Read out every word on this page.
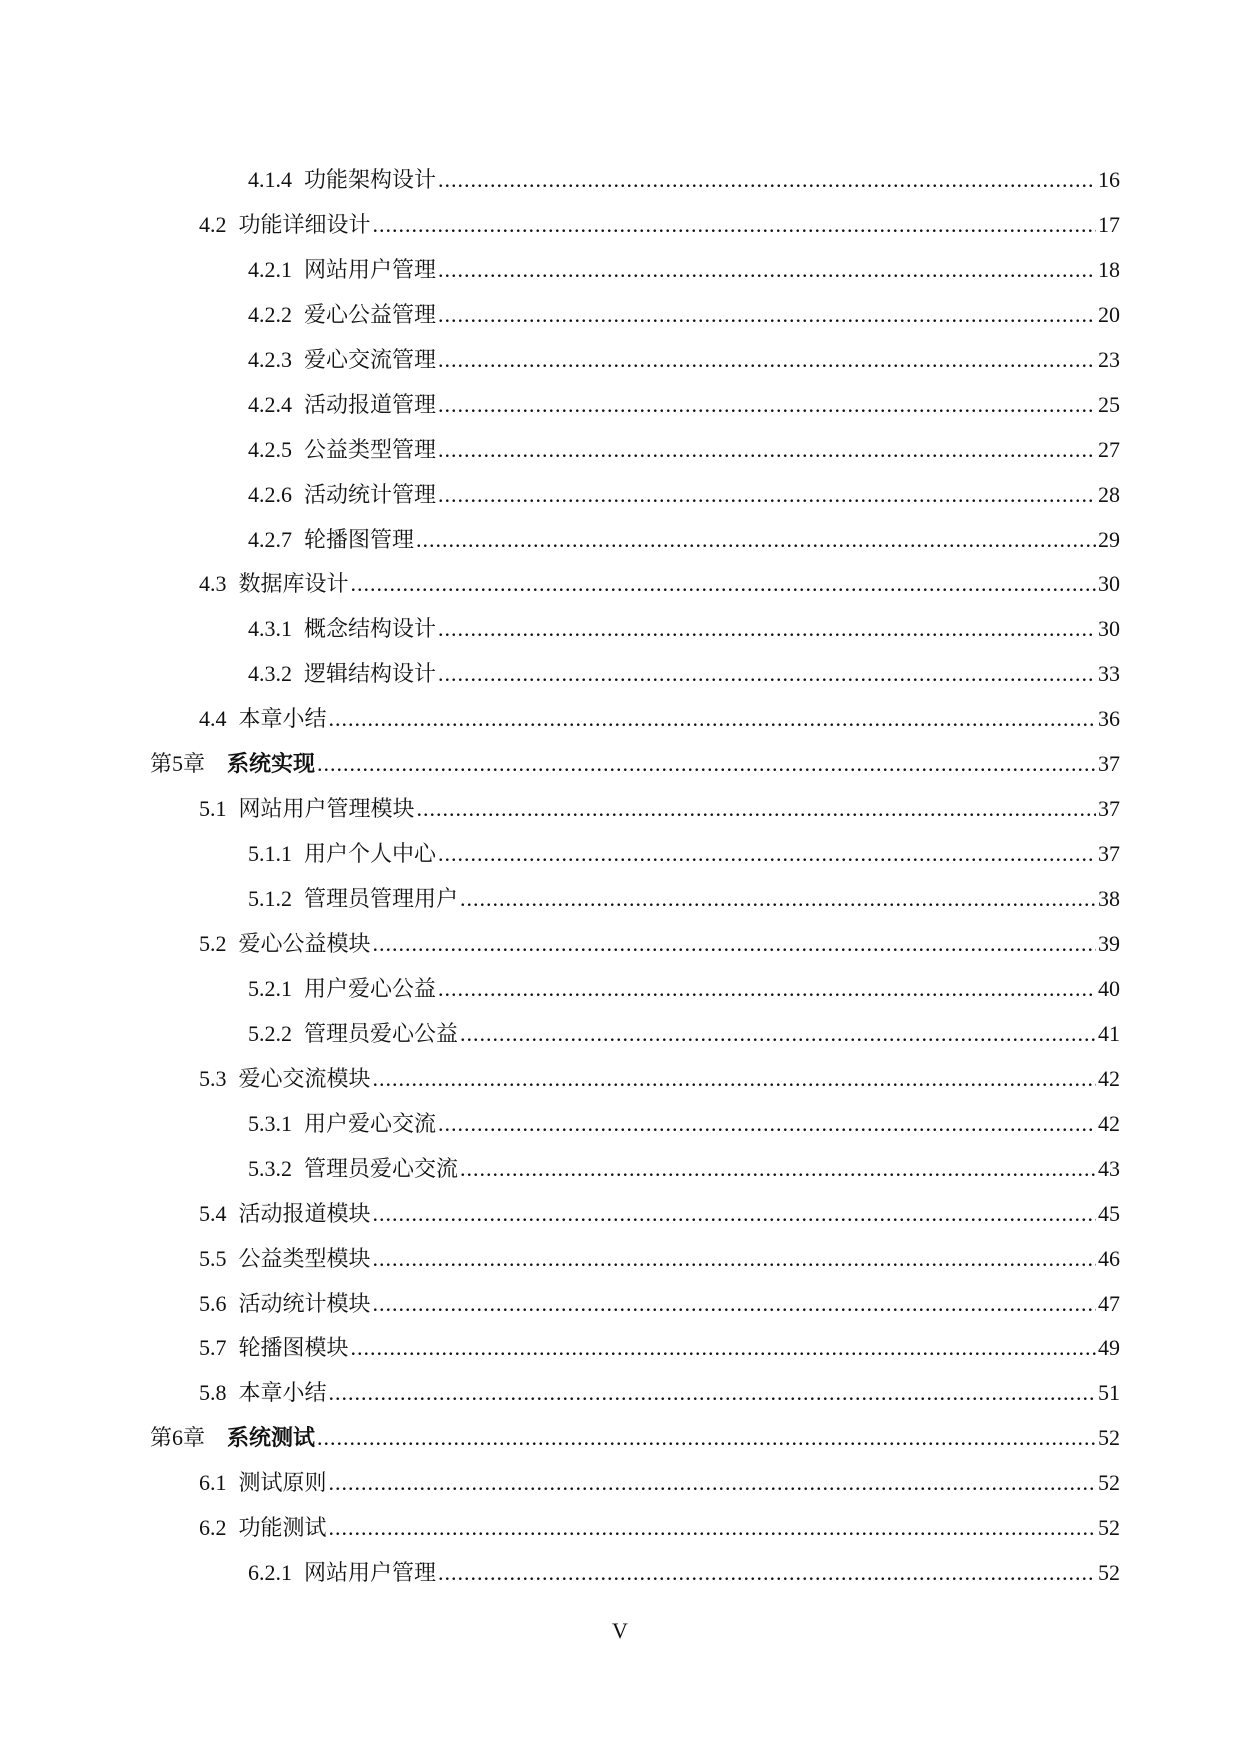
4.1.4 功能架构设计 .....	16
4.2 功能详细设计 .....	17
4.2.1 网站用户管理 .....	18
4.2.2 爱心公益管理 .....	20
4.2.3 爱心交流管理 .....	23
4.2.4 活动报道管理 .....	25
4.2.5 公益类型管理 .....	27
4.2.6 活动统计管理 .....	28
4.2.7 轮播图管理 .....	29
4.3 数据库设计 .....	30
4.3.1 概念结构设计 .....	30
4.3.2 逻辑结构设计 .....	33
4.4 本章小结 .....	36
第5章 系统实现 .....	37
5.1 网站用户管理模块 .....	37
5.1.1 用户个人中心 .....	37
5.1.2 管理员管理用户 .....	38
5.2 爱心公益模块 .....	39
5.2.1 用户爱心公益 .....	40
5.2.2 管理员爱心公益 .....	41
5.3 爱心交流模块 .....	42
5.3.1 用户爱心交流 .....	42
5.3.2 管理员爱心交流 .....	43
5.4 活动报道模块 .....	45
5.5 公益类型模块 .....	46
5.6 活动统计模块 .....	47
5.7 轮播图模块 .....	49
5.8 本章小结 .....	51
第6章 系统测试 .....	52
6.1 测试原则 .....	52
6.2 功能测试 .....	52
6.2.1 网站用户管理 .....	52
V
